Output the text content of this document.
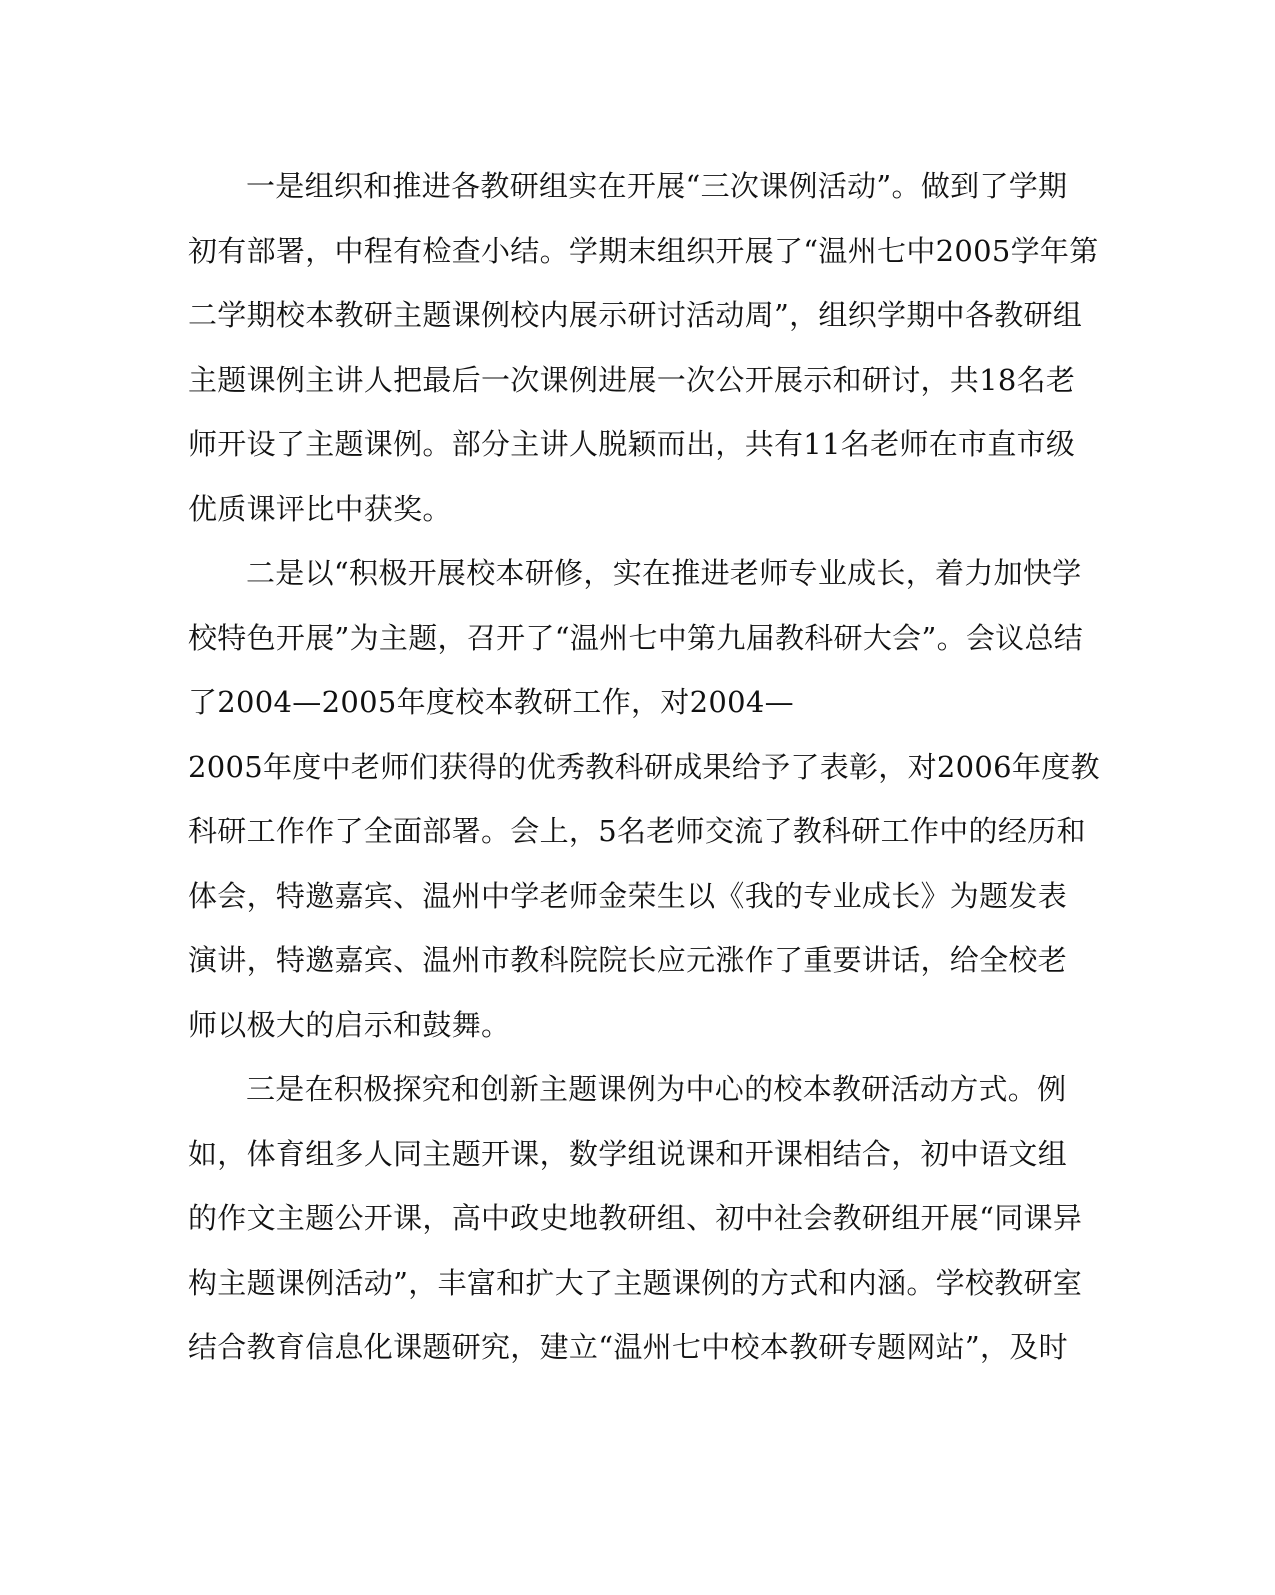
一是组织和推进各教研组实在开展“三次课例活动”。做到了学期
初有部署，中程有检查小结。学期末组织开展了“温州七中2005学年第
二学期校本教研主题课例校内展示研讨活动周”，组织学期中各教研组
主题课例主讲人把最后一次课例进展一次公开展示和研讨，共18名老
师开设了主题课例。部分主讲人脱颖而出，共有11名老师在市直市级
优质课评比中获奖。
二是以“积极开展校本研修，实在推进老师专业成长，着力加快学
校特色开展”为主题，召开了“温州七中第九届教科研大会”。会议总结
了2004—2005年度校本教研工作，对2004—
2005年度中老师们获得的优秀教科研成果给予了表彰，对2006年度教
科研工作作了全面部署。会上，5名老师交流了教科研工作中的经历和
体会，特邀嘉宾、温州中学老师金荣生以《我的专业成长》为题发表
演讲，特邀嘉宾、温州市教科院院长应元涨作了重要讲话，给全校老
师以极大的启示和鼓舞。
三是在积极探究和创新主题课例为中心的校本教研活动方式。例
如，体育组多人同主题开课，数学组说课和开课相结合，初中语文组
的作文主题公开课，高中政史地教研组、初中社会教研组开展“同课异
构主题课例活动”，丰富和扩大了主题课例的方式和内涵。学校教研室
结合教育信息化课题研究，建立“温州七中校本教研专题网站”，及时
